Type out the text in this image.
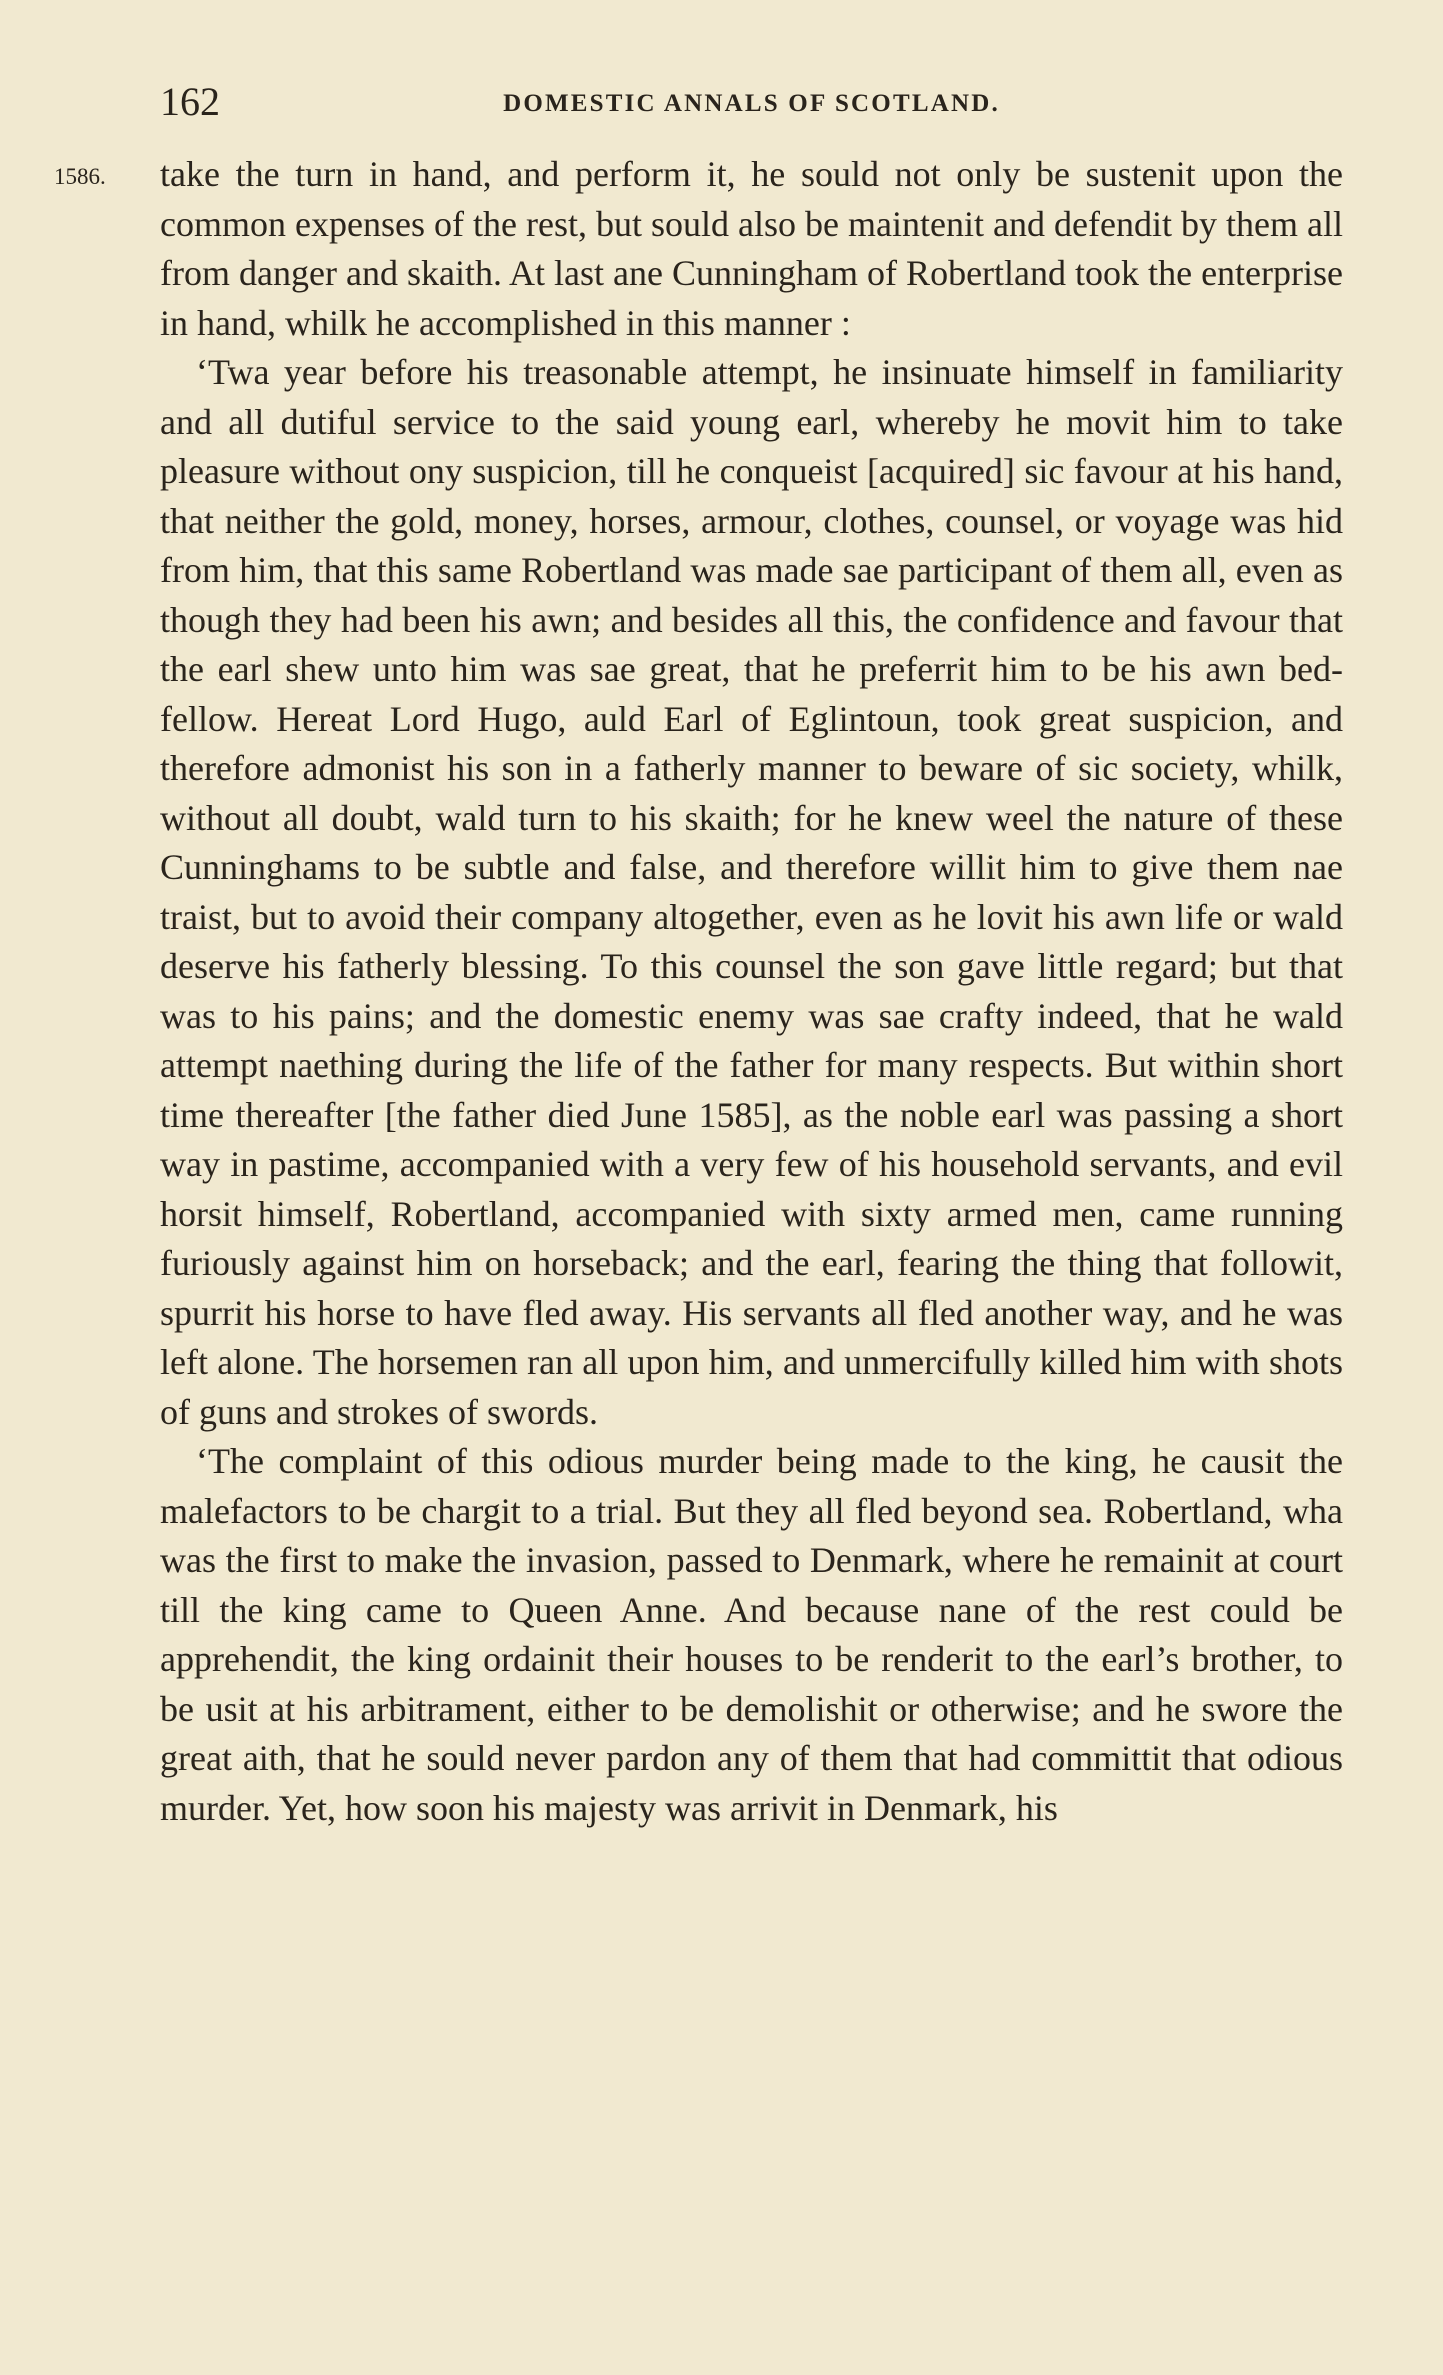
162	DOMESTIC ANNALS OF SCOTLAND.
1586. take the turn in hand, and perform it, he sould not only be sustenit upon the common expenses of the rest, but sould also be maintenit and defendit by them all from danger and skaith. At last ane Cunningham of Robertland took the enterprise in hand, whilk he accomplished in this manner :

‘Twa year before his treasonable attempt, he insinuate himself in familiarity and all dutiful service to the said young earl, whereby he movit him to take pleasure without ony suspicion, till he conqueist [acquired] sic favour at his hand, that neither the gold, money, horses, armour, clothes, counsel, or voyage was hid from him, that this same Robertland was made sae participant of them all, even as though they had been his awn; and besides all this, the confidence and favour that the earl shew unto him was sae great, that he preferrit him to be his awn bed-fellow. Hereat Lord Hugo, auld Earl of Eglintoun, took great suspicion, and therefore admonist his son in a fatherly manner to beware of sic society, whilk, without all doubt, wald turn to his skaith; for he knew weel the nature of these Cunninghams to be subtle and false, and therefore willit him to give them nae traist, but to avoid their company altogether, even as he lovit his awn life or wald deserve his fatherly blessing. To this counsel the son gave little regard; but that was to his pains; and the domestic enemy was sae crafty indeed, that he wald attempt naething during the life of the father for many respects. But within short time thereafter [the father died June 1585], as the noble earl was passing a short way in pastime, accompanied with a very few of his household servants, and evil horsit himself, Robertland, accompanied with sixty armed men, came running furiously against him on horseback; and the earl, fearing the thing that followit, spurrit his horse to have fled away. His servants all fled another way, and he was left alone. The horsemen ran all upon him, and unmercifully killed him with shots of guns and strokes of swords.

‘The complaint of this odious murder being made to the king, he causit the malefactors to be chargit to a trial. But they all fled beyond sea. Robertland, wha was the first to make the invasion, passed to Denmark, where he remainit at court till the king came to Queen Anne. And because nane of the rest could be apprehendit, the king ordainit their houses to be renderit to the earl’s brother, to be usit at his arbitrament, either to be demolishit or otherwise; and he swore the great aith, that he sould never pardon any of them that had committit that odious murder. Yet, how soon his majesty was arrivit in Denmark, his
